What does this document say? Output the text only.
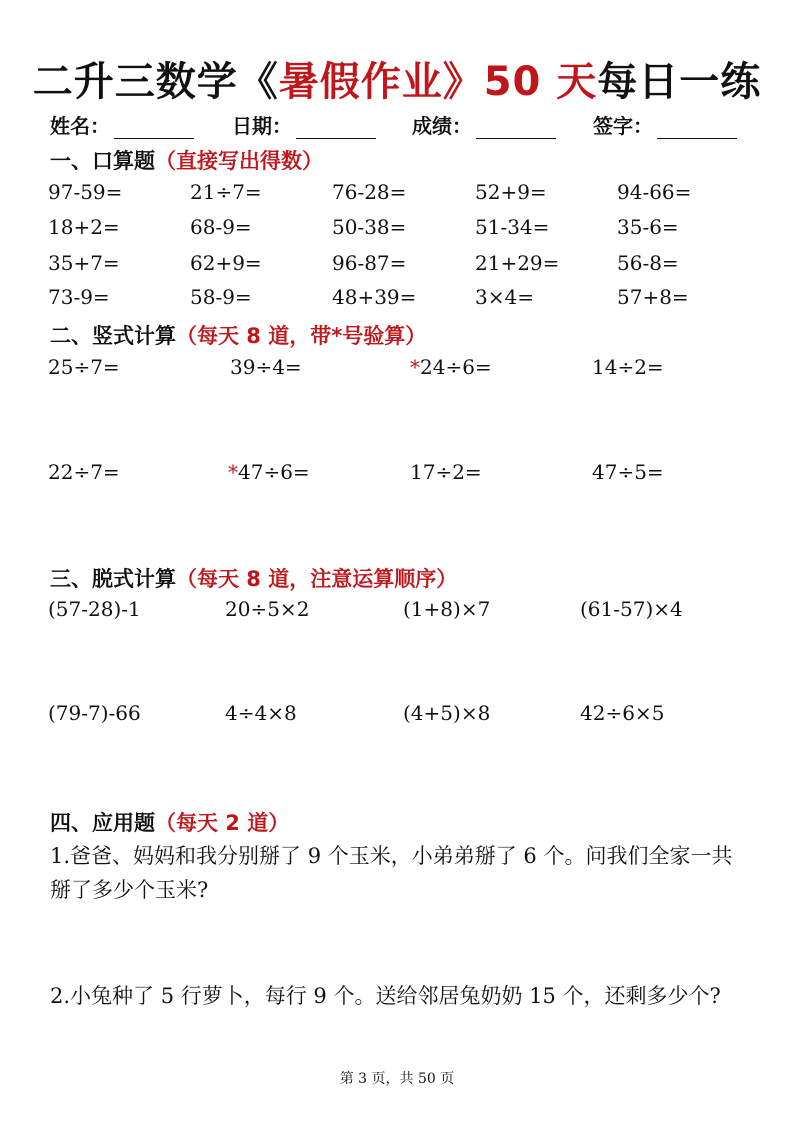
二升三数学《暑假作业》50 天每日一练
姓名：	日期：	成绩：	签字：
一、口算题（直接写出得数）
97-59=	21÷7=	76-28=	52+9=	94-66=
18+2=	68-9=	50-38=	51-34=	35-6=
35+7=	62+9=	96-87=	21+29=	56-8=
73-9=	58-9=	48+39=	3×4=	57+8=
二、竖式计算（每天 8 道，带*号验算）
25÷7=	39÷4=	*24÷6=	14÷2=
22÷7=	*47÷6=	17÷2=	47÷5=
三、脱式计算（每天 8 道，注意运算顺序）
(57-28)-1	20÷5×2	(1+8)×7	(61-57)×4
(79-7)-66	4÷4×8	(4+5)×8	42÷6×5
四、应用题（每天 2 道）
1.爸爸、妈妈和我分别掰了 9 个玉米，小弟弟掰了 6 个。问我们全家一共掰了多少个玉米?
2.小兔种了 5 行萝卜，每行 9 个。送给邻居兔奶奶 15 个，还剩多少个?
第 3 页，共 50 页
